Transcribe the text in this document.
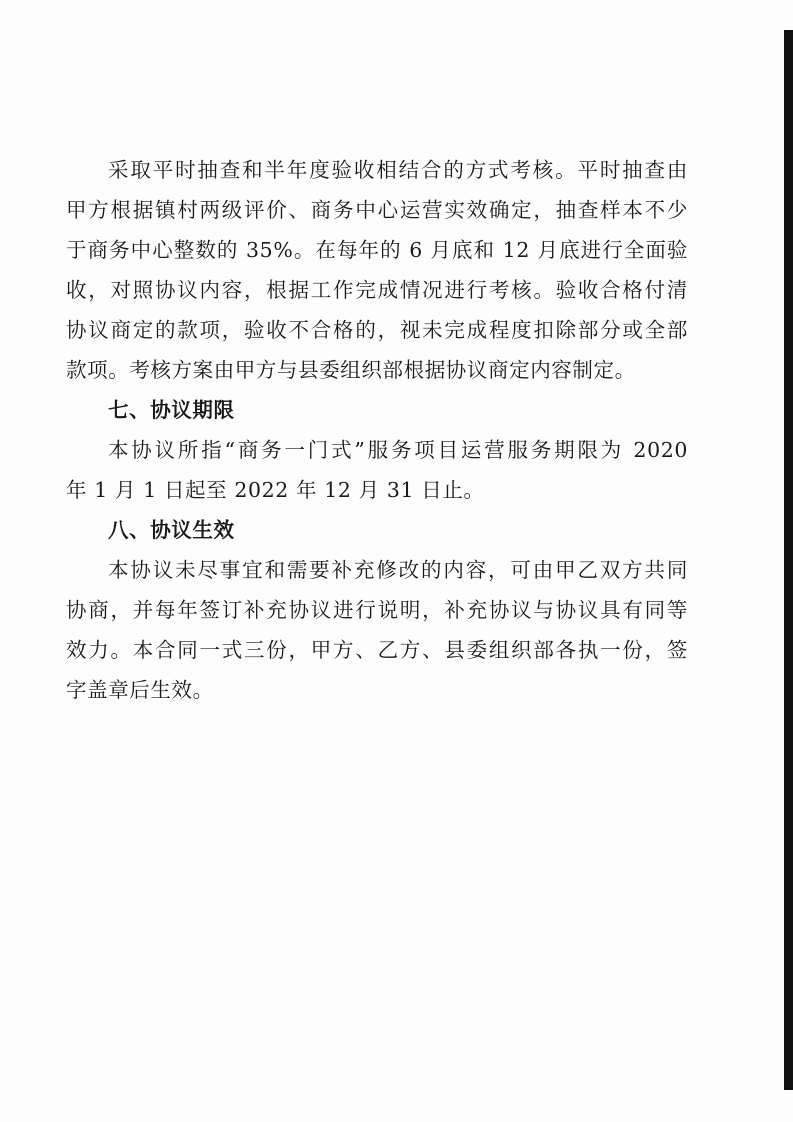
采取平时抽查和半年度验收相结合的方式考核。平时抽查由
甲方根据镇村两级评价、商务中心运营实效确定，抽查样本不少
于商务中心整数的 35%。在每年的 6 月底和 12 月底进行全面验
收，对照协议内容，根据工作完成情况进行考核。验收合格付清
协议商定的款项，验收不合格的，视未完成程度扣除部分或全部
款项。考核方案由甲方与县委组织部根据协议商定内容制定。
七、协议期限
本协议所指“商务一门式”服务项目运营服务期限为 2020
年 1 月 1 日起至 2022 年 12 月 31 日止。
八、协议生效
本协议未尽事宜和需要补充修改的内容，可由甲乙双方共同
协商，并每年签订补充协议进行说明，补充协议与协议具有同等
效力。本合同一式三份，甲方、乙方、县委组织部各执一份，签
字盖章后生效。
